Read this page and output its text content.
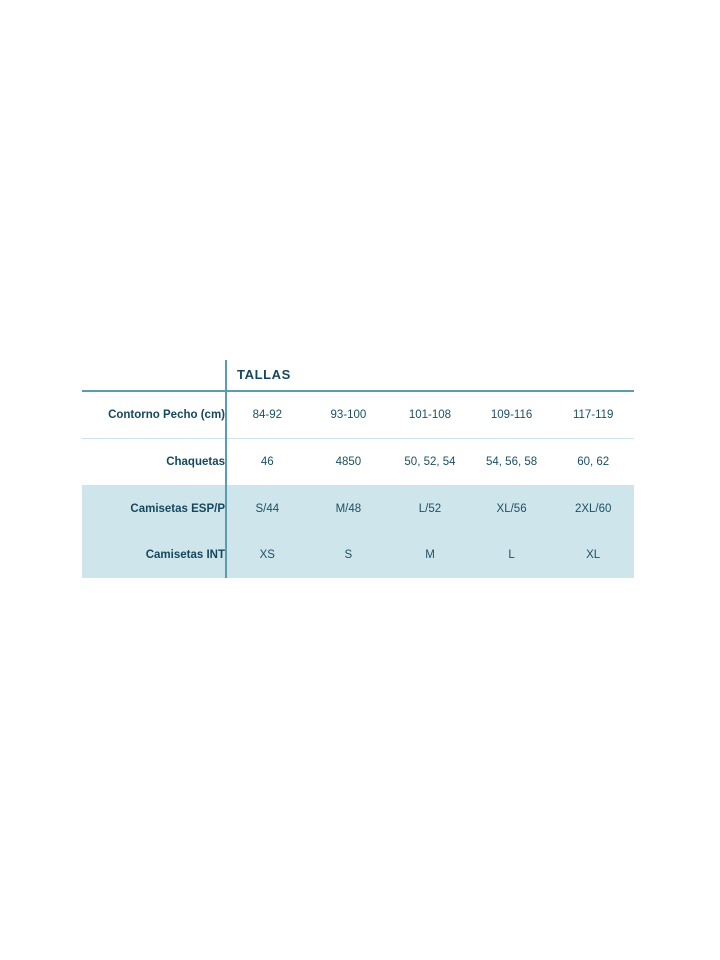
	TALLAS				
Contorno Pecho (cm)	84-92	93-100	101-108	109-116	117-119
Chaquetas	46	4850	50, 52, 54	54, 56, 58	60, 62
Camisetas ESP/P	S/44	M/48	L/52	XL/56	2XL/60
Camisetas INT	XS	S	M	L	XL
